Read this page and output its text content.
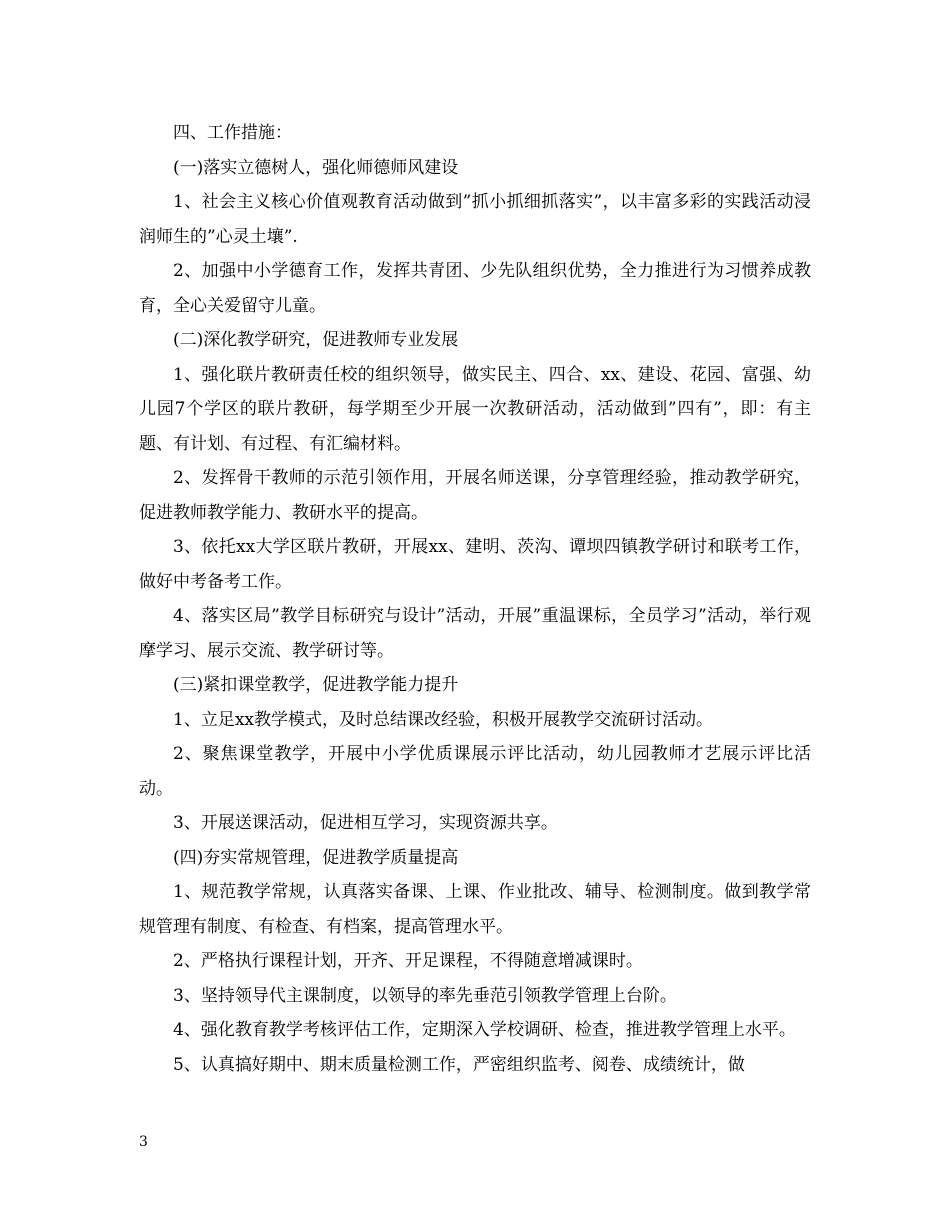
四、工作措施：

(一)落实立德树人，强化师德师风建设

1、社会主义核心价值观教育活动做到”抓小抓细抓落实”，以丰富多彩的实践活动浸润师生的”心灵土壤”.

2、加强中小学德育工作，发挥共青团、少先队组织优势，全力推进行为习惯养成教育，全心关爱留守儿童。

(二)深化教学研究，促进教师专业发展

1、强化联片教研责任校的组织领导，做实民主、四合、xx、建设、花园、富强、幼儿园7个学区的联片教研，每学期至少开展一次教研活动，活动做到”四有”，即：有主题、有计划、有过程、有汇编材料。

2、发挥骨干教师的示范引领作用，开展名师送课，分享管理经验，推动教学研究，促进教师教学能力、教研水平的提高。

3、依托xx大学区联片教研，开展xx、建明、茨沟、谭坝四镇教学研讨和联考工作，做好中考备考工作。

4、落实区局”教学目标研究与设计”活动，开展”重温课标，全员学习”活动，举行观摩学习、展示交流、教学研讨等。

(三)紧扣课堂教学，促进教学能力提升

1、立足xx教学模式，及时总结课改经验，积极开展教学交流研讨活动。

2、聚焦课堂教学，开展中小学优质课展示评比活动，幼儿园教师才艺展示评比活动。

3、开展送课活动，促进相互学习，实现资源共享。

(四)夯实常规管理，促进教学质量提高

1、规范教学常规，认真落实备课、上课、作业批改、辅导、检测制度。做到教学常规管理有制度、有检查、有档案，提高管理水平。

2、严格执行课程计划，开齐、开足课程，不得随意增减课时。

3、坚持领导代主课制度，以领导的率先垂范引领教学管理上台阶。

4、强化教育教学考核评估工作，定期深入学校调研、检查，推进教学管理上水平。

5、认真搞好期中、期末质量检测工作，严密组织监考、阅卷、成绩统计，做

3
